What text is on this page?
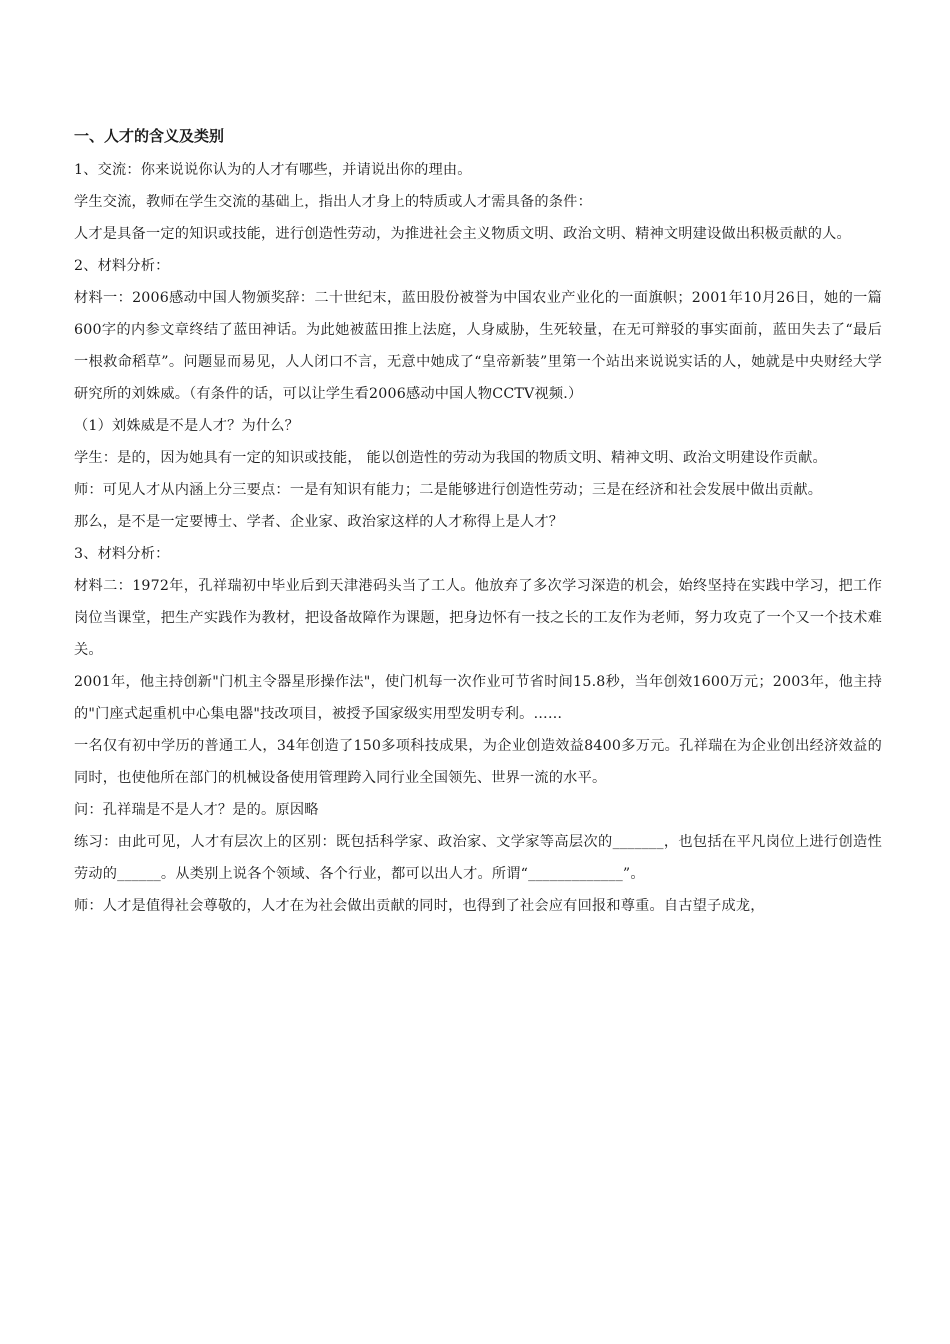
一、人才的含义及类别

1、交流：你来说说你认为的人才有哪些，并请说出你的理由。

学生交流，教师在学生交流的基础上，指出人才身上的特质或人才需具备的条件：

人才是具备一定的知识或技能，进行创造性劳动，为推进社会主义物质文明、政治文明、精神文明建设做出积极贡献的人。

2、材料分析：

材料一：2006感动中国人物颁奖辞：二十世纪末，蓝田股份被誉为中国农业产业化的一面旗帜；2001年10月26日，她的一篇600字的内参文章终结了蓝田神话。为此她被蓝田推上法庭，人身威胁，生死较量，在无可辩驳的事实面前，蓝田失去了“最后一根救命稻草”。问题显而易见，人人闭口不言，无意中她成了“皇帝新装”里第一个站出来说说实话的人，她就是中央财经大学研究所的刘姝威。（有条件的话，可以让学生看2006感动中国人物CCTV视频.）

（1）刘姝威是不是人才？为什么？

学生：是的，因为她具有一定的知识或技能， 能以创造性的劳动为我国的物质文明、精神文明、政治文明建设作贡献。

师：可见人才从内涵上分三要点：一是有知识有能力；二是能够进行创造性劳动；三是在经济和社会发展中做出贡献。

那么，是不是一定要博士、学者、企业家、政治家这样的人才称得上是人才？

3、材料分析：

材料二：1972年，孔祥瑞初中毕业后到天津港码头当了工人。他放弃了多次学习深造的机会，始终坚持在实践中学习，把工作岗位当课堂，把生产实践作为教材，把设备故障作为课题，把身边怀有一技之长的工友作为老师，努力攻克了一个又一个技术难关。

2001年，他主持创新"门机主令器星形操作法"，使门机每一次作业可节省时间15.8秒，当年创效1600万元；2003年，他主持的"门座式起重机中心集电器"技改项目，被授予国家级实用型发明专利。……

一名仅有初中学历的普通工人，34年创造了150多项科技成果，为企业创造效益8400多万元。孔祥瑞在为企业创出经济效益的同时，也使他所在部门的机械设备使用管理跨入同行业全国领先、世界一流的水平。

问：孔祥瑞是不是人才？是的。原因略

练习：由此可见，人才有层次上的区别：既包括科学家、政治家、文学家等高层次的_______，也包括在平凡岗位上进行创造性劳动的______。从类别上说各个领域、各个行业，都可以出人才。所谓“_____________”。

师：人才是值得社会尊敬的，人才在为社会做出贡献的同时，也得到了社会应有回报和尊重。自古望子成龙，
